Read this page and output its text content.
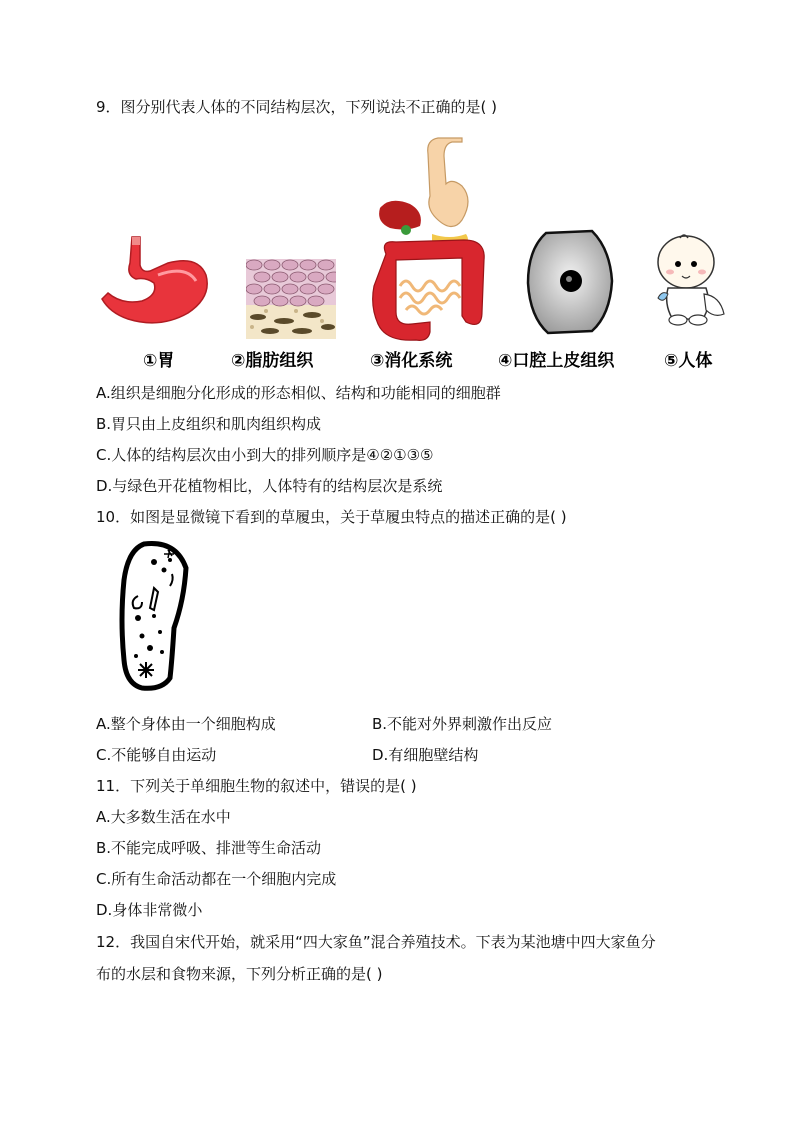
9．图分别代表人体的不同结构层次，下列说法不正确的是( )
①胃	②脂肪组织	③消化系统	④口腔上皮组织	⑤人体
A.组织是细胞分化形成的形态相似、结构和功能相同的细胞群
B.胃只由上皮组织和肌肉组织构成
C.人体的结构层次由小到大的排列顺序是④②①③⑤
D.与绿色开花植物相比，人体特有的结构层次是系统
10．如图是显微镜下看到的草履虫，关于草履虫特点的描述正确的是( )
A.整个身体由一个细胞构成	B.不能对外界刺激作出反应
C.不能够自由运动	D.有细胞壁结构
11．下列关于单细胞生物的叙述中，错误的是( )
A.大多数生活在水中
B.不能完成呼吸、排泄等生命活动
C.所有生命活动都在一个细胞内完成
D.身体非常微小
12．我国自宋代开始，就采用“四大家鱼”混合养殖技术。下表为某池塘中四大家鱼分
布的水层和食物来源，下列分析正确的是( )
